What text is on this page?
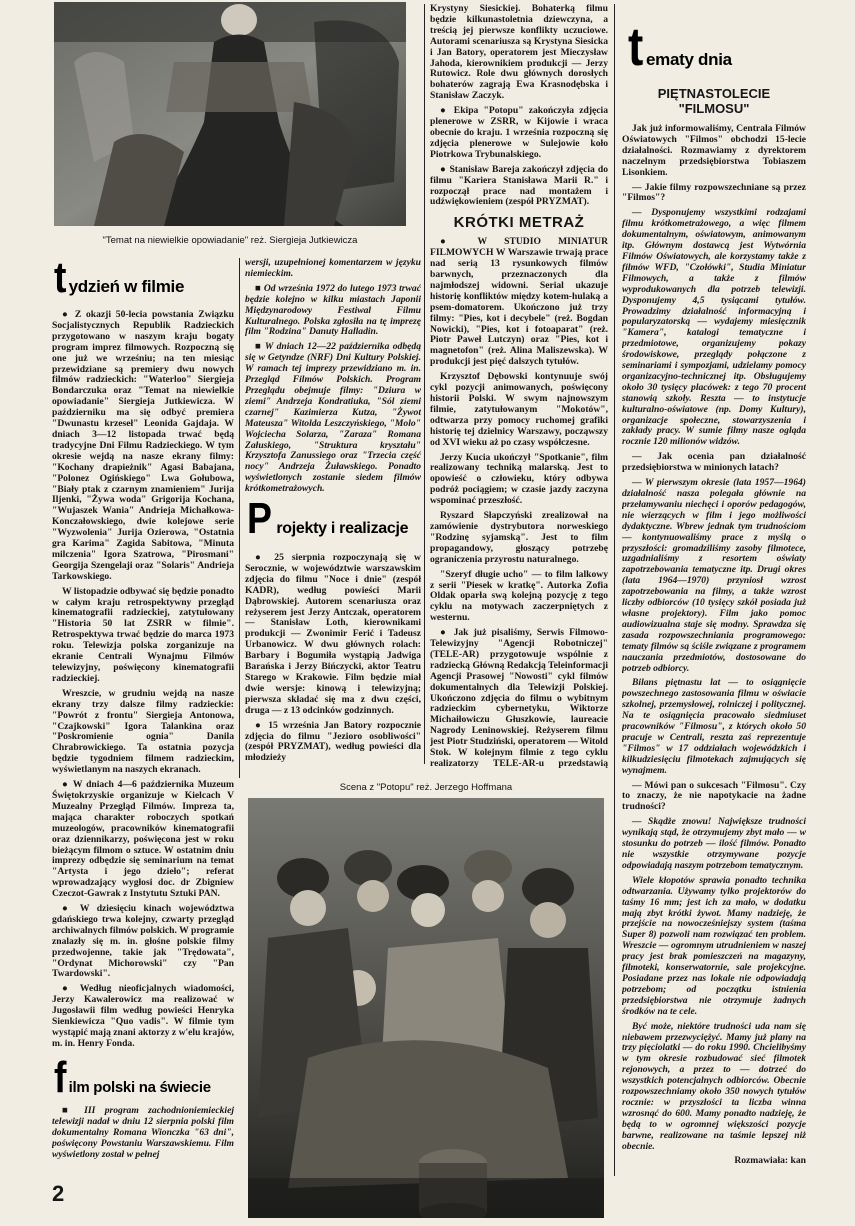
"Temat na niewielkie opowiadanie" reż. Siergieja Jutkiewicza
tydzień w filmie

● Z okazji 50-lecia powstania Związku Socjalistycznych Republik Radzieckich przygotowano w naszym kraju bogaty program imprez filmowych. Rozpoczną się one już we wrześniu; na ten miesiąc przewidziane są premiery dwu nowych filmów radzieckich: "Waterloo" Siergieja Bondarczuka oraz "Temat na niewielkie opowiadanie" Siergieja Jutkiewicza. W październiku ma się odbyć premiera "Dwunastu krzeseł" Leonida Gajdaja. W dniach 3—12 listopada trwać będą tradycyjne Dni Filmu Radzieckiego. W tym okresie wejdą na nasze ekrany filmy: "Kochany drapieżnik" Agasi Babajana, "Polonez Ogińskiego" Lwa Gołubowa, "Biały ptak z czarnym znamieniem" Jurija Iljenki, "Żywa woda" Grigorija Kochana, "Wujaszek Wania" Andrieja Michałkowa-Konczałowskiego, dwie kolejowe serie "Wyzwolenia" Jurija Ozierowa, "Ostatnia gra Karima" Zagida Sabitowa, "Minuta milczenia" Igora Szatrowa, "Pirosmani" Georgija Szengelaji oraz "Solaris" Andrieja Tarkowskiego.

W listopadzie odbywać się będzie ponadto w całym kraju retrospektywny przegląd kinematografii radzieckiej, zatytułowany "Historia 50 lat ZSRR w filmie". Retrospektywa trwać będzie do marca 1973 roku. Telewizja polska zorganizuje na ekranie Centrali Wynajmu Filmów telewizyjny, poświęcony kinematografii radzieckiej.

Wreszcie, w grudniu wejdą na nasze ekrany trzy dalsze filmy radzieckie: "Powrót z frontu" Siergieja Antonowa, "Czajkowski" Igora Talankina oraz "Poskromienie ognia" Danila Chrabrowickiego. Ta ostatnia pozycja będzie tygodniem filmem radzieckim, wyświetlanym na naszych ekranach.

● W dniach 4—6 października Muzeum Świętokrzyskie organizuje w Kielcach V Muzealny Przegląd Filmów. Impreza ta, mająca charakter roboczych spotkań muzeologów, pracowników kinematografii oraz dziennikarzy, poświęcona jest w roku bieżącym filmom o sztuce. W ostatnim dniu imprezy odbędzie się seminarium na temat "Artysta i jego dzieło"; referat wprowadzający wygłosi doc. dr Zbigniew Czeczot-Gawrak z Instytutu Sztuki PAN.

● W dziesięciu kinach województwa gdańskiego trwa kolejny, czwarty przegląd archiwalnych filmów polskich. W programie znalazły się m. in. głośne polskie filmy przedwojenne, takie jak "Trędowata", "Ordynat Michorowski" czy "Pan Twardowski".

● Według nieoficjalnych wiadomości, Jerzy Kawalerowicz ma realizować w Jugosławii film według powieści Henryka Sienkiewicza "Quo vadis". W filmie tym wystąpić mają znani aktorzy z w'elu krajów, m. in. Henry Fonda.

film polski na świecie

■ III program zachodnioniemieckiej telewizji nadał w dniu 12 sierpnia polski film dokumentalny Romana Wionczka "63 dni", poświęcony Powstaniu Warszawskiemu. Film wyświetlony został w pełnej

wersji, uzupełnionej komentarzem w języku niemieckim.

■ Od września 1972 do lutego 1973 trwać będzie kolejno w kilku miastach Japonii Międzynarodowy Festiwal Filmu Kulturalnego. Polska zgłosiła na tę imprezę film "Rodzina" Danuty Halladin.

■ W dniach 12—22 października odbędą się w Getyndze (NRF) Dni Kultury Polskiej. W ramach tej imprezy przewidziano m. in. Przegląd Filmów Polskich. Program Przeglądu obejmuje filmy: "Dziura w ziemi" Andrzeja Kondratiuka, "Sól ziemi czarnej" Kazimierza Kutza, "Żywot Mateusza" Witolda Leszczyńskiego, "Molo" Wojciecha Solarza, "Zaraza" Romana Załuskiego, "Struktura kryształu" Krzysztofa Zanussiego oraz "Trzecia część nocy" Andrzeja Żuławskiego. Ponadto wyświetlonych zostanie siedem filmów krótkometrażowych.

Projekty i realizacje

● 25 sierpnia rozpoczynają się w Serocznie, w województwie warszawskim zdjęcia do filmu "Noce i dnie" (zespół KADR), według powieści Marii Dąbrowskiej. Autorem scenariusza oraz reżyserem jest Jerzy Antczak, operatorem — Stanisław Loth, kierownikami produkcji — Zwonimir Ferić i Tadeusz Urbanowicz. W dwu głównych rolach: Barbary i Bogumiła wystąpią Jadwiga Barańska i Jerzy Bińczycki, aktor Teatru Starego w Krakowie. Film będzie miał dwie wersje: kinową i telewizyjną; pierwsza składać się ma z dwu części, druga — z 13 odcinków godzinnych.

● 15 września Jan Batory rozpocznie zdjęcia do filmu "Jezioro osobliwości" (zespół PRYZMAT), według powieści dla młodzieży

Krystyny Siesickiej. Bohaterką filmu będzie kilkunastoletnia dziewczyna, a treścią jej pierwsze konflikty uczuciowe. Autorami scenariusza są Krystyna Siesicka i Jan Batory, operatorem jest Mieczysław Jahoda, kierownikiem produkcji — Jerzy Rutowicz. Role dwu głównych dorosłych bohaterów zagrają Ewa Krasnodębska i Stanisław Zaczyk.

● Ekipa "Potopu" zakończyła zdjęcia plenerowe w ZSRR, w Kijowie i wraca obecnie do kraju. 1 września rozpoczną się zdjęcia plenerowe w Sulejowie koło Piotrkowa Trybunalskiego.

● Stanisław Bareja zakończył zdjęcia do filmu "Kariera Stanisława Marii R." i rozpoczął prace nad montażem i udźwiękowieniem (zespół PRYZMAT).

KRÓTKI METRAŻ

● W STUDIO MINIATUR FILMOWYCH W Warszawie trwają prace nad serią 13 rysunkowych filmów barwnych, przeznaczonych dla najmłodszej widowni. Serial ukazuje historię konfliktów między kotem-hulaką a psem-domatorem. Ukończono już trzy filmy: "Pies, kot i decybele" (reż. Bogdan Nowicki), "Pies, kot i fotoaparat" (reż. Piotr Paweł Lutczyn) oraz "Pies, kot i magnetofon" (reż. Alina Maliszewska). W produkcji jest pięć dalszych tytułów.

Krzysztof Dębowski kontynuuje swój cykl pozycji animowanych, poświęcony historii Polski. W swym najnowszym filmie, zatytułowanym "Mokotów", odtwarza przy pomocy ruchomej grafiki historię tej dzielnicy Warszawy, począwszy od XVI wieku aż po czasy współczesne.

Jerzy Kucia ukończył "Spotkanie", film realizowany techniką malarską. Jest to opowieść o człowieku, który odbywa podróż pociągiem; w czasie jazdy zaczyna wspominać przeszłość.

Ryszard Słapczyński zrealizował na zamówienie dystrybutora norweskiego "Rodzinę syjamską". Jest to film propagandowy, głoszący potrzebę ograniczenia przyrostu naturalnego.

"Szeryf długie ucho" — to film lalkowy z serii "Piesek w kratkę". Autorka Zofia Oldak oparła swą kolejną pozycję z tego cyklu na motywach zaczerpniętych z westernu.

● Jak już pisaliśmy, Serwis Filmowo-Telewizyjny "Agencji Robotniczej" (TELE-AR) przygotowuje wspólnie z radziecką Główną Redakcją Teleinformacji Agencji Prasowej "Nowosti" cykl filmów dokumentalnych dla Telewizji Polskiej. Ukończono zdjęcia do filmu o wybitnym radzieckim cybernetyku, Wiktorze Michaiłowiczu Głuszkowie, laureacie Nagrody Leninowskiej. Reżyserem filmu jest Piotr Studziński, operatorem — Witold Stok. W kolejnym filmie z tego cyklu realizatorzy TELE-AR-u przedstawią

Scena z "Potopu" reż. Jerzego Hoffmana
tematy dnia
PIĘTNASTOLECIE "FILMOSU"

Jak już informowaliśmy, Centrala Filmów Oświatowych "Filmos" obchodzi 15-lecie działalności. Rozmawiamy z dyrektorem naczelnym przedsiębiorstwa Tobiaszem Lisonkiem.

— Jakie filmy rozpowszechniane są przez "Filmos"?

— Dysponujemy wszystkimi rodzajami filmu krótkometrażowego, a więc filmem dokumentalnym, oświatowym, animowanym itp. Głównym dostawcą jest Wytwórnia Filmów Oświatowych, ale korzystamy także z filmów WFD, "Czołówki", Studia Miniatur Filmowych, a także z filmów wyprodukowanych dla potrzeb telewizji. Dysponujemy 4,5 tysiącami tytułów. Prowadzimy działalność informacyjną i popularyzatorską — wydajemy miesięcznik "Kamera", katalogi tematyczne i przedmiotowe, organizujemy pokazy środowiskowe, przeglądy połączone z seminariami i sympozjami, udzielamy pomocy organizacyjno-technicznej itp. Obsługujemy około 30 tysięcy placówek: z tego 70 procent stanowią szkoły. Reszta — to instytucje kulturalno-oświatowe (np. Domy Kultury), organizacje społeczne, stowarzyszenia i zakłady pracy. W sumie filmy nasze ogląda rocznie 120 milionów widzów.

— Jak ocenia pan działalność przedsiębiorstwa w minionych latach?

— W pierwszym okresie (lata 1957—1964) działalność nasza polegała głównie na przełamywaniu niechęci i oporów pedagogów, nie wierzących w film i jego możliwości dydaktyczne. Wbrew jednak tym trudnościom — kontynuowaliśmy prace z myślą o przyszłości: gromadziliśmy zasoby filmotece, uzgadnialiśmy z resortem oświaty zapotrzebowania tematyczne itp. Drugi okres (lata 1964—1970) przyniosł wzrost zapotrzebowania na filmy, a także wzrost liczby odbiorców (10 tysięcy szkół posiada już własne projektory). Film jako pomoc audiowizualna staje się modny. Sprawdza się zasada rozpowszechniania programowego: tematy filmów są ściśle związane z programem nauczania przedmiotów, dostosowane do potrzeb odbiorcy.

Bilans piętnastu lat — to osiągnięcie powszechnego zastosowania filmu w oświacie szkolnej, przemysłowej, rolniczej i politycznej. Na te osiągnięcia pracowało siedmiuset pracowników "Filmosu", z których około 50 pracuje w Centrali, reszta zaś reprezentuje "Filmos" w 17 oddziałach wojewódzkich i kilkudziesięciu filmotekach zajmujących się wynajmem.

— Mówi pan o sukcesach "Filmosu". Czy to znaczy, że nie napotykacie na żadne trudności?

— Skądże znowu! Największe trudności wynikają stąd, że otrzymujemy zbyt mało — w stosunku do potrzeb — ilość filmów. Ponadto nie wszystkie otrzymywane pozycje odpowiadają naszym potrzebom tematycznym.

Wiele kłopotów sprawia ponadto technika odtwarzania. Używamy tylko projektorów do taśmy 16 mm; jest ich za mało, w dodatku mają zbyt krótki żywot. Mamy nadzieję, że przejście na nowocześniejszy system (taśma Super 8) pozwoli nam rozwiązać ten problem. Wreszcie — ogromnym utrudnieniem w naszej pracy jest brak pomieszczeń na magazyny, filmoteki, konserwatornie, sale projekcyjne. Posiadane przez nas lokale nie odpowiadają potrzebom; od początku istnienia przedsiębiorstwa nie otrzymuje żadnych środków na te cele.

Być może, niektóre trudności uda nam się niebawem przezwyciężyć. Mamy już plany na trzy pięciolatki — do roku 1990. Chcielibyśmy w tym okresie rozbudować sieć filmotek rejonowych, a przez to — dotrzeć do wszystkich potencjalnych odbiorców. Obecnie rozpowszechniamy około 350 nowych tytułów rocznie: w przyszłości ta liczba winna wzrosnąć do 600. Mamy ponadto nadzieję, że będą to w ogromnej większości pozycje barwne, realizowane na taśmie lepszej niż obecnie.

Rozmawiała: kan

2
